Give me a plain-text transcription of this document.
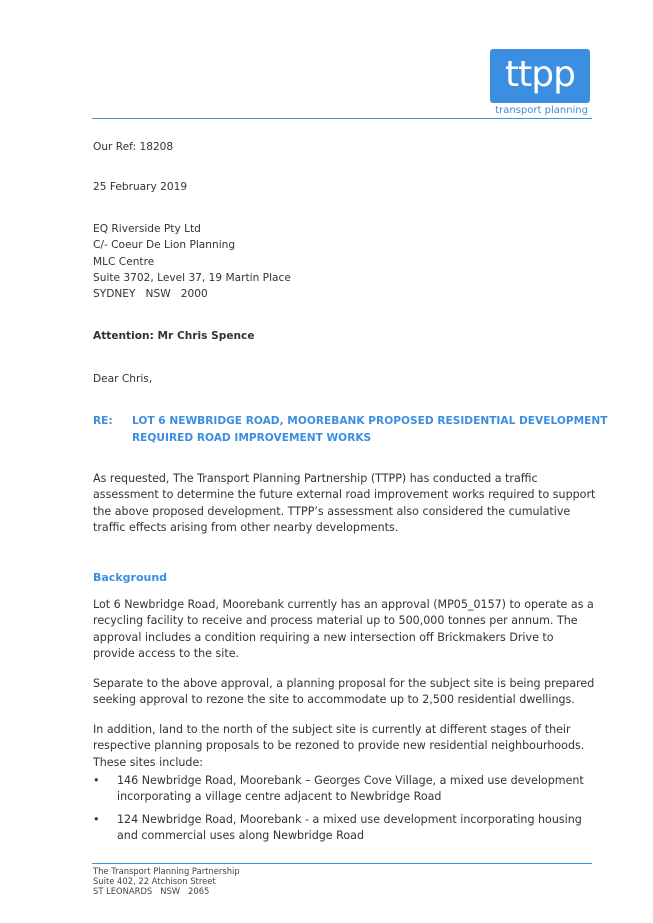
ttpp
transport planning
Our Ref: 18208
25 February 2019
EQ Riverside Pty Ltd
C/- Coeur De Lion Planning
MLC Centre
Suite 3702, Level 37, 19 Martin Place
SYDNEY   NSW   2000
Attention: Mr Chris Spence
Dear Chris,
RE: LOT 6 NEWBRIDGE ROAD, MOOREBANK PROPOSED RESIDENTIAL DEVELOPMENT
REQUIRED ROAD IMPROVEMENT WORKS

As requested, The Transport Planning Partnership (TTPP) has conducted a traffic assessment to determine the future external road improvement works required to support the above proposed development. TTPP’s assessment also considered the cumulative traffic effects arising from other nearby developments.

Background

Lot 6 Newbridge Road, Moorebank currently has an approval (MP05_0157) to operate as a recycling facility to receive and process material up to 500,000 tonnes per annum. The approval includes a condition requiring a new intersection off Brickmakers Drive to provide access to the site.

Separate to the above approval, a planning proposal for the subject site is being prepared seeking approval to rezone the site to accommodate up to 2,500 residential dwellings.

In addition, land to the north of the subject site is currently at different stages of their respective planning proposals to be rezoned to provide new residential neighbourhoods. These sites include:

• 146 Newbridge Road, Moorebank – Georges Cove Village, a mixed use development incorporating a village centre adjacent to Newbridge Road
• 124 Newbridge Road, Moorebank - a mixed use development incorporating housing and commercial uses along Newbridge Road
The Transport Planning Partnership
Suite 402, 22 Atchison Street
ST LEONARDS   NSW   2065
